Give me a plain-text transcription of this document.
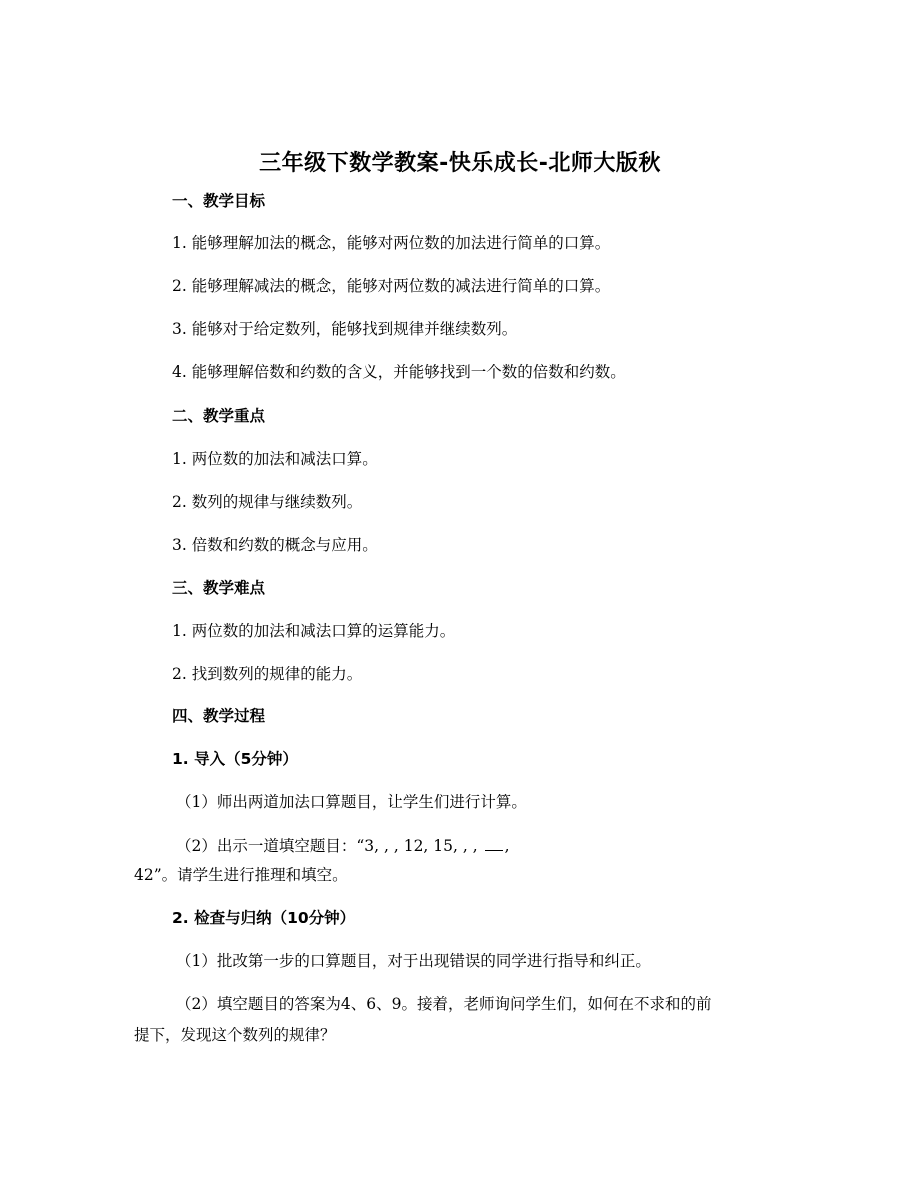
三年级下数学教案-快乐成长-北师大版秋
一、教学目标
1. 能够理解加法的概念，能够对两位数的加法进行简单的口算。
2. 能够理解减法的概念，能够对两位数的减法进行简单的口算。
3. 能够对于给定数列，能够找到规律并继续数列。
4. 能够理解倍数和约数的含义，并能够找到一个数的倍数和约数。
二、教学重点
1. 两位数的加法和减法口算。
2. 数列的规律与继续数列。
3. 倍数和约数的概念与应用。
三、教学难点
1. 两位数的加法和减法口算的运算能力。
2. 找到数列的规律的能力。
四、教学过程
1. 导入（5分钟）
（1）师出两道加法口算题目，让学生们进行计算。
（2）出示一道填空题目：“3, , , 12, 15, , , ,
42”。请学生进行推理和填空。
2. 检查与归纳（10分钟）
（1）批改第一步的口算题目，对于出现错误的同学进行指导和纠正。
（2）填空题目的答案为4、6、9。接着，老师询问学生们，如何在不求和的前
提下，发现这个数列的规律？
